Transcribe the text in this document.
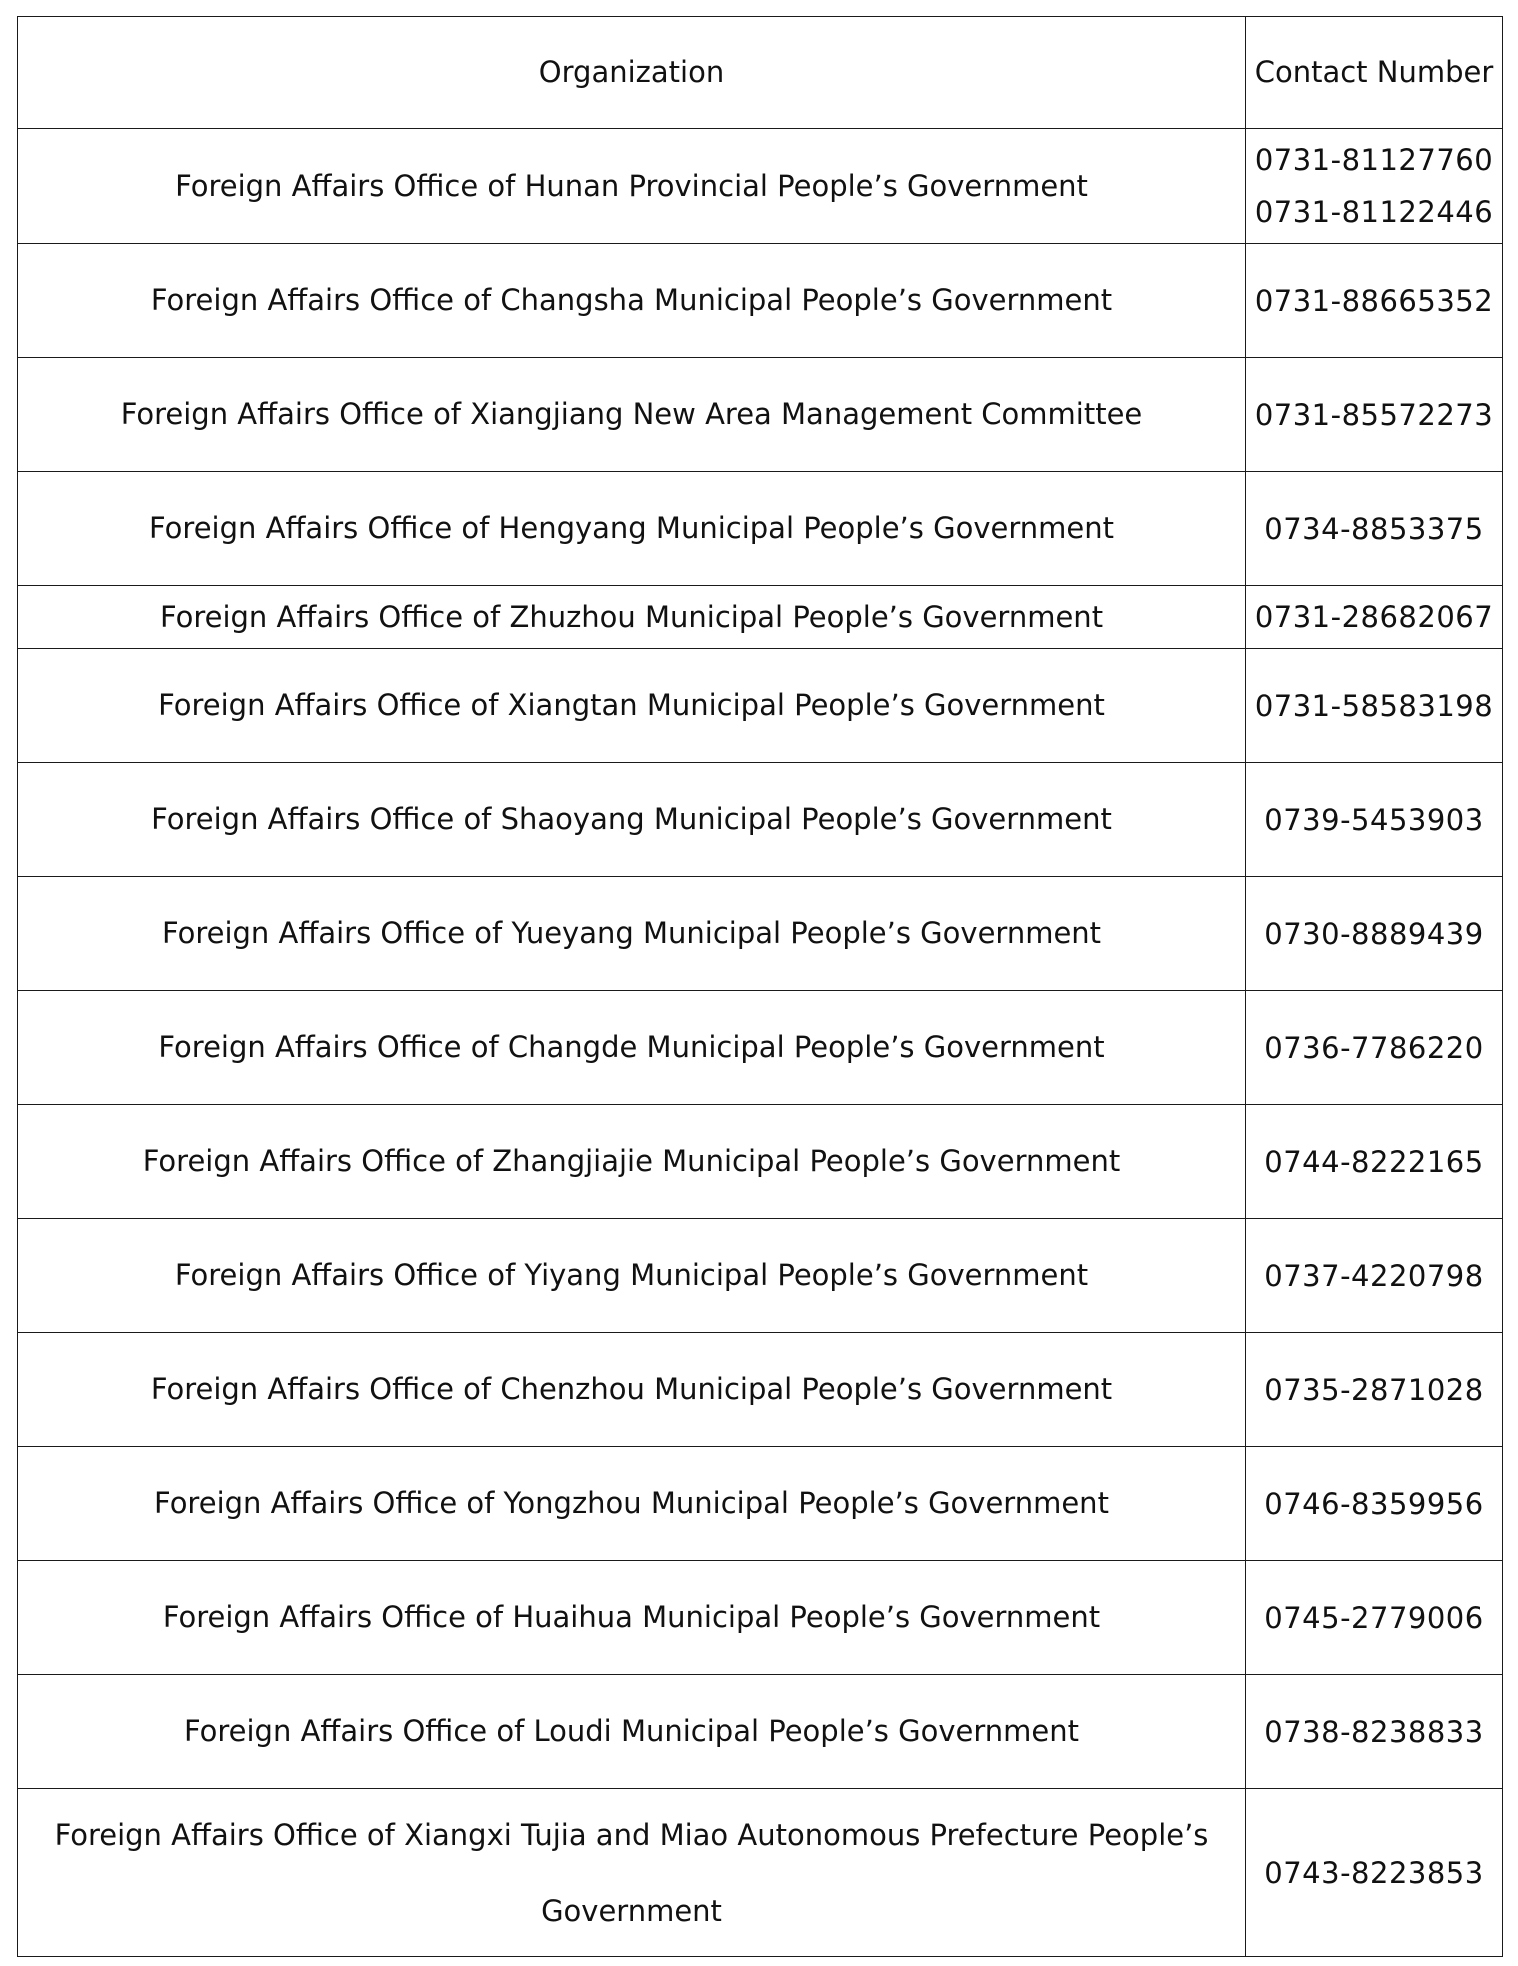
Organization	Contact Number
Foreign Affairs Office of Hunan Provincial People’s Government	0731-81127760
0731-81122446

Foreign Affairs Office of Changsha Municipal People’s Government	0731-88665352

Foreign Affairs Office of Xiangjiang New Area Management Committee	0731-85572273

Foreign Affairs Office of Hengyang Municipal People’s Government	0734-8853375

Foreign Affairs Office of Zhuzhou Municipal People’s Government	0731-28682067

Foreign Affairs Office of Xiangtan Municipal People’s Government	0731-58583198

Foreign Affairs Office of Shaoyang Municipal People’s Government	0739-5453903

Foreign Affairs Office of Yueyang Municipal People’s Government	0730-8889439

Foreign Affairs Office of Changde Municipal People’s Government	0736-7786220

Foreign Affairs Office of Zhangjiajie Municipal People’s Government	0744-8222165

Foreign Affairs Office of Yiyang Municipal People’s Government	0737-4220798

Foreign Affairs Office of Chenzhou Municipal People’s Government	0735-2871028

Foreign Affairs Office of Yongzhou Municipal People’s Government	0746-8359956

Foreign Affairs Office of Huaihua Municipal People’s Government	0745-2779006

Foreign Affairs Office of Loudi Municipal People’s Government	0738-8238833

Foreign Affairs Office of Xiangxi Tujia and Miao Autonomous Prefecture People’s Government	0743-8223853
